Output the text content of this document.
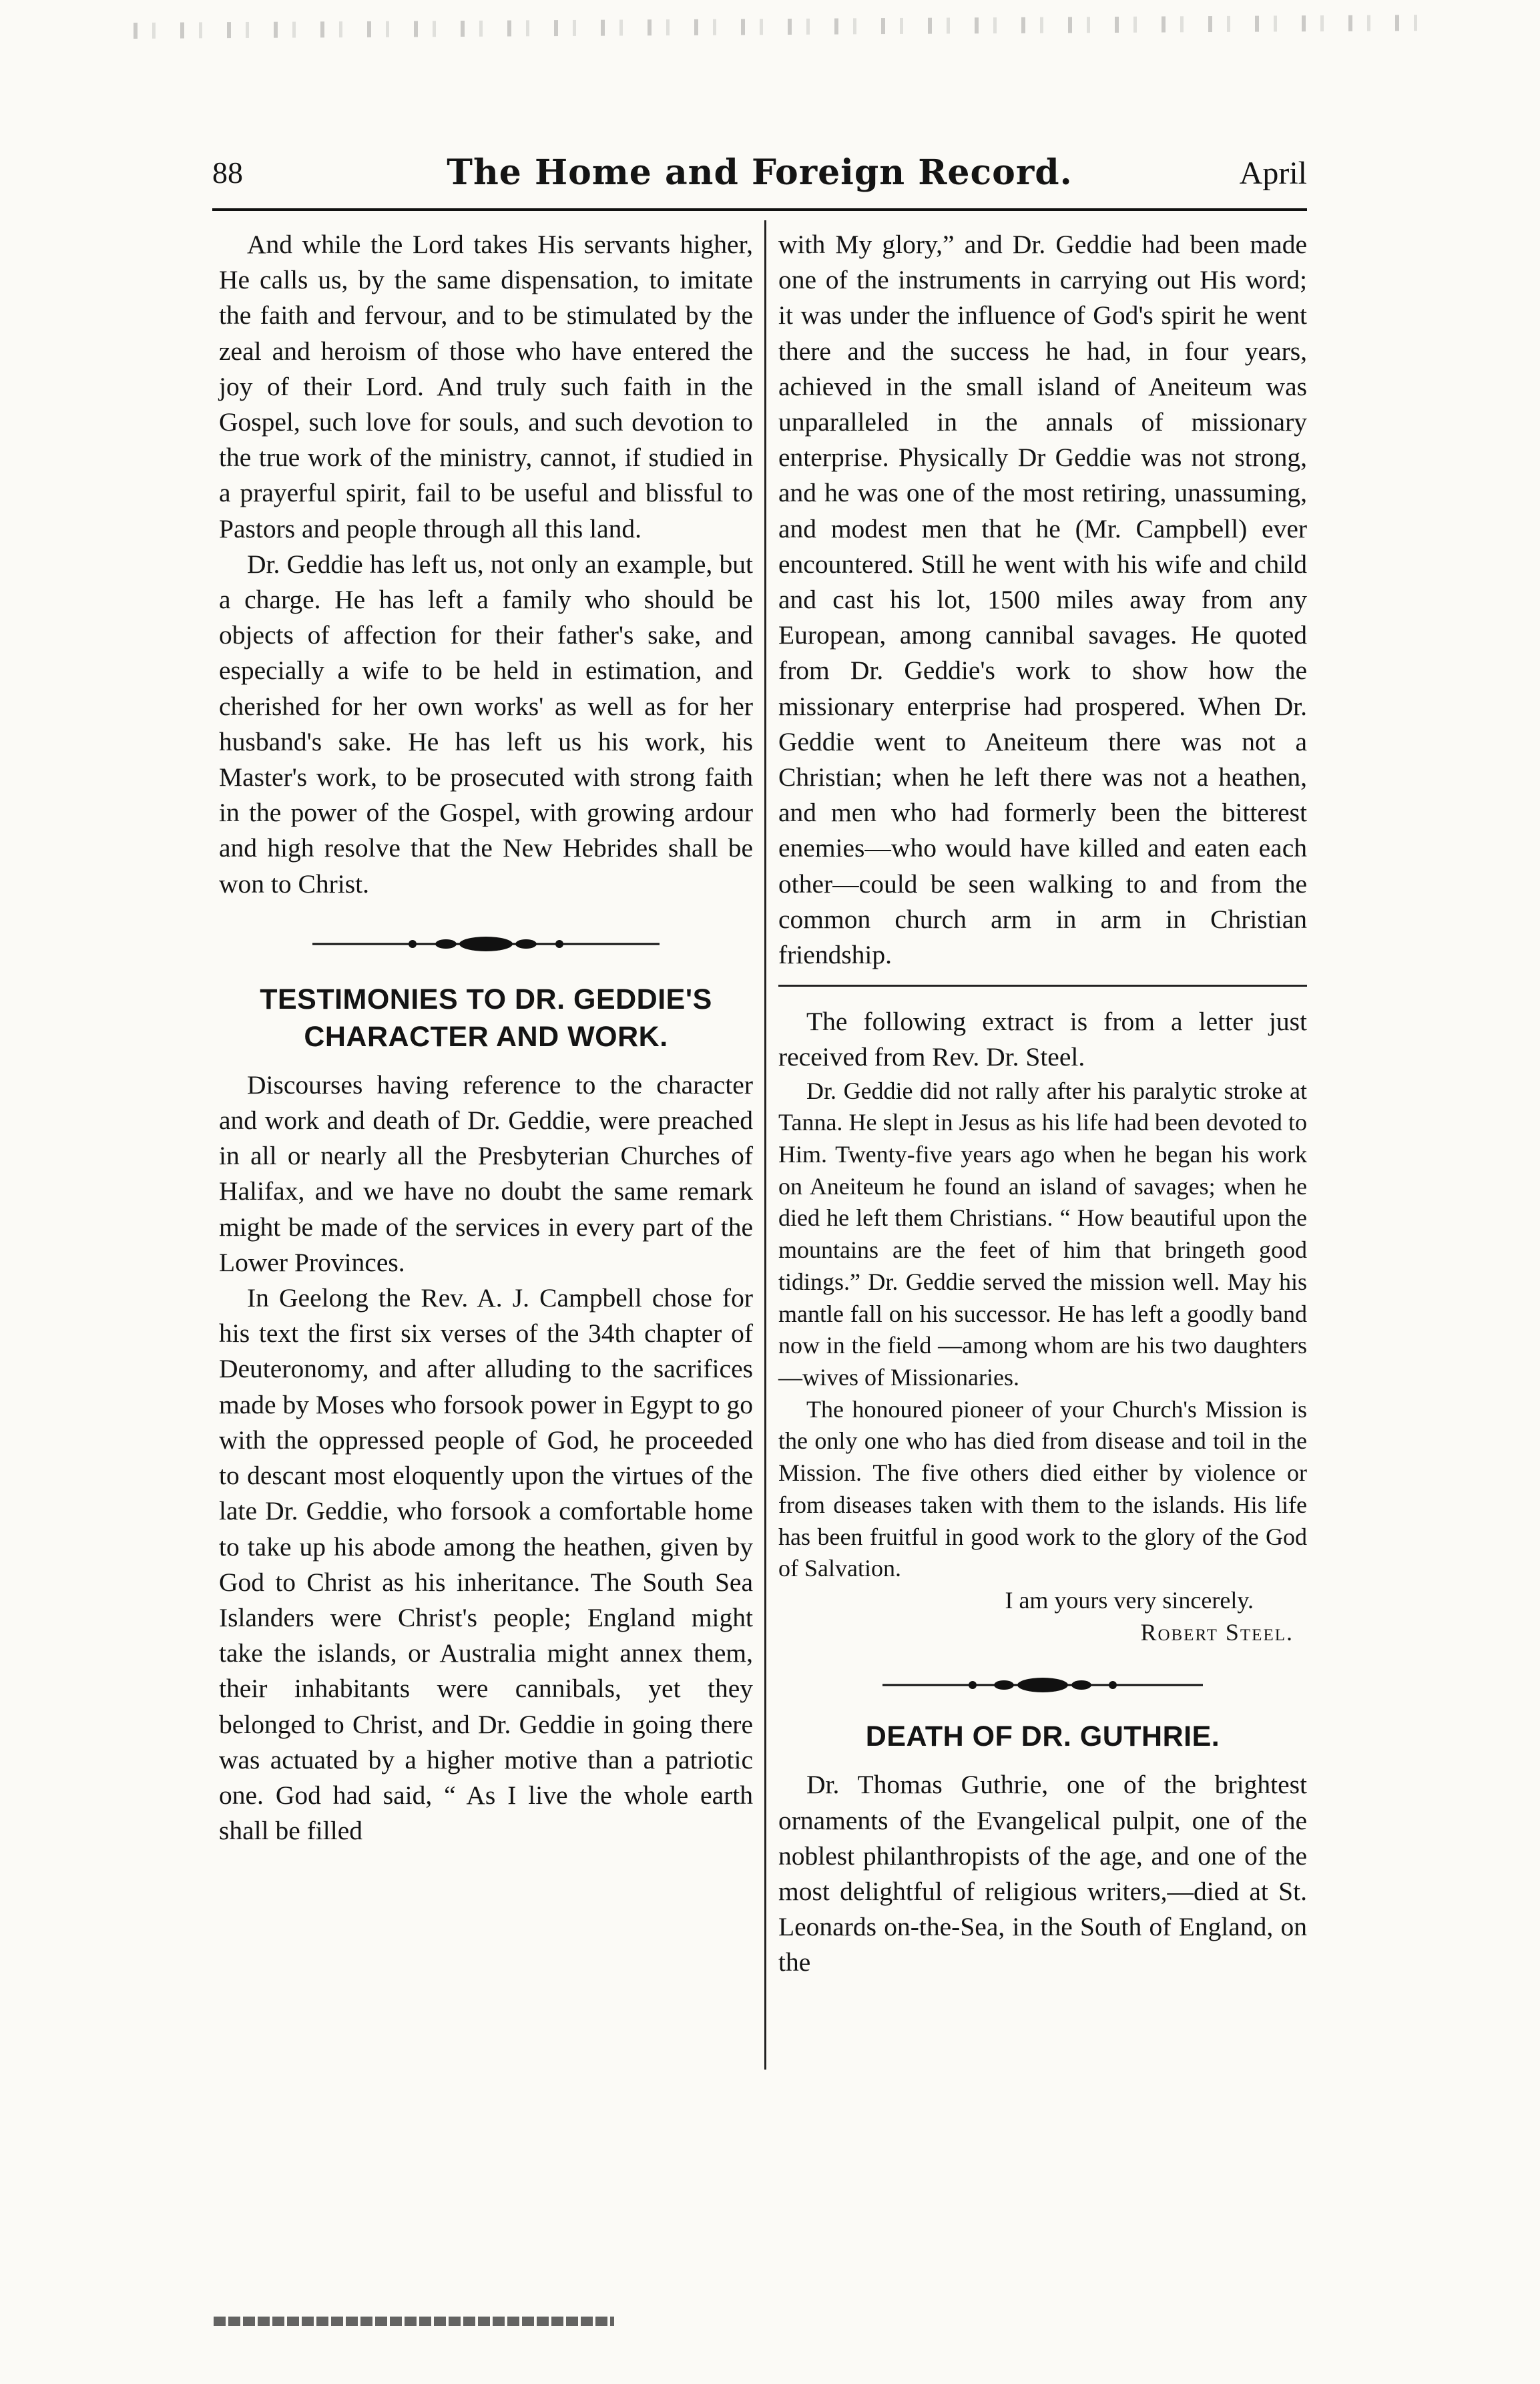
88	The Home and Foreign Record.	April

And while the Lord takes His servants higher, He calls us, by the same dispensation, to imitate the faith and fervour, and to be stimulated by the zeal and heroism of those who have entered the joy of their Lord. And truly such faith in the Gospel, such love for souls, and such devotion to the true work of the ministry, cannot, if studied in a prayerful spirit, fail to be useful and blissful to Pastors and people through all this land.

Dr. Geddie has left us, not only an example, but a charge. He has left a family who should be objects of affection for their father's sake, and especially a wife to be held in estimation, and cherished for her own works' as well as for her husband's sake. He has left us his work, his Master's work, to be prosecuted with strong faith in the power of the Gospel, with growing ardour and high resolve that the New Hebrides shall be won to Christ.

TESTIMONIES TO DR. GEDDIE'S CHARACTER AND WORK.

Discourses having reference to the character and work and death of Dr. Geddie, were preached in all or nearly all the Presbyterian Churches of Halifax, and we have no doubt the same remark might be made of the services in every part of the Lower Provinces.

In Geelong the Rev. A. J. Campbell chose for his text the first six verses of the 34th chapter of Deuteronomy, and after alluding to the sacrifices made by Moses who forsook power in Egypt to go with the oppressed people of God, he proceeded to descant most eloquently upon the virtues of the late Dr. Geddie, who forsook a comfortable home to take up his abode among the heathen, given by God to Christ as his inheritance. The South Sea Islanders were Christ's people; England might take the islands, or Australia might annex them, their inhabitants were cannibals, yet they belonged to Christ, and Dr. Geddie in going there was actuated by a higher motive than a patriotic one. God had said, “ As I live the whole earth shall be filled

with My glory,” and Dr. Geddie had been made one of the instruments in carrying out His word; it was under the influence of God's spirit he went there and the success he had, in four years, achieved in the small island of Aneiteum was unparalleled in the annals of missionary enterprise. Physically Dr Geddie was not strong, and he was one of the most retiring, unassuming, and modest men that he (Mr. Campbell) ever encountered. Still he went with his wife and child and cast his lot, 1500 miles away from any European, among cannibal savages. He quoted from Dr. Geddie's work to show how the missionary enterprise had prospered. When Dr. Geddie went to Aneiteum there was not a Christian; when he left there was not a heathen, and men who had formerly been the bitterest enemies—who would have killed and eaten each other—could be seen walking to and from the common church arm in arm in Christian friendship.

The following extract is from a letter just received from Rev. Dr. Steel.

Dr. Geddie did not rally after his paralytic stroke at Tanna. He slept in Jesus as his life had been devoted to Him. Twenty-five years ago when he began his work on Aneiteum he found an island of savages; when he died he left them Christians. “ How beautiful upon the mountains are the feet of him that bringeth good tidings.” Dr. Geddie served the mission well. May his mantle fall on his successor. He has left a goodly band now in the field —among whom are his two daughters—wives of Missionaries.

The honoured pioneer of your Church's Mission is the only one who has died from disease and toil in the Mission. The five others died either by violence or from diseases taken with them to the islands. His life has been fruitful in good work to the glory of the God of Salvation.

I am yours very sincerely.

Robert Steel.

DEATH OF DR. GUTHRIE.

Dr. Thomas Guthrie, one of the brightest ornaments of the Evangelical pulpit, one of the noblest philanthropists of the age, and one of the most delightful of religious writers,—died at St. Leonards on-the-Sea, in the South of England, on the
